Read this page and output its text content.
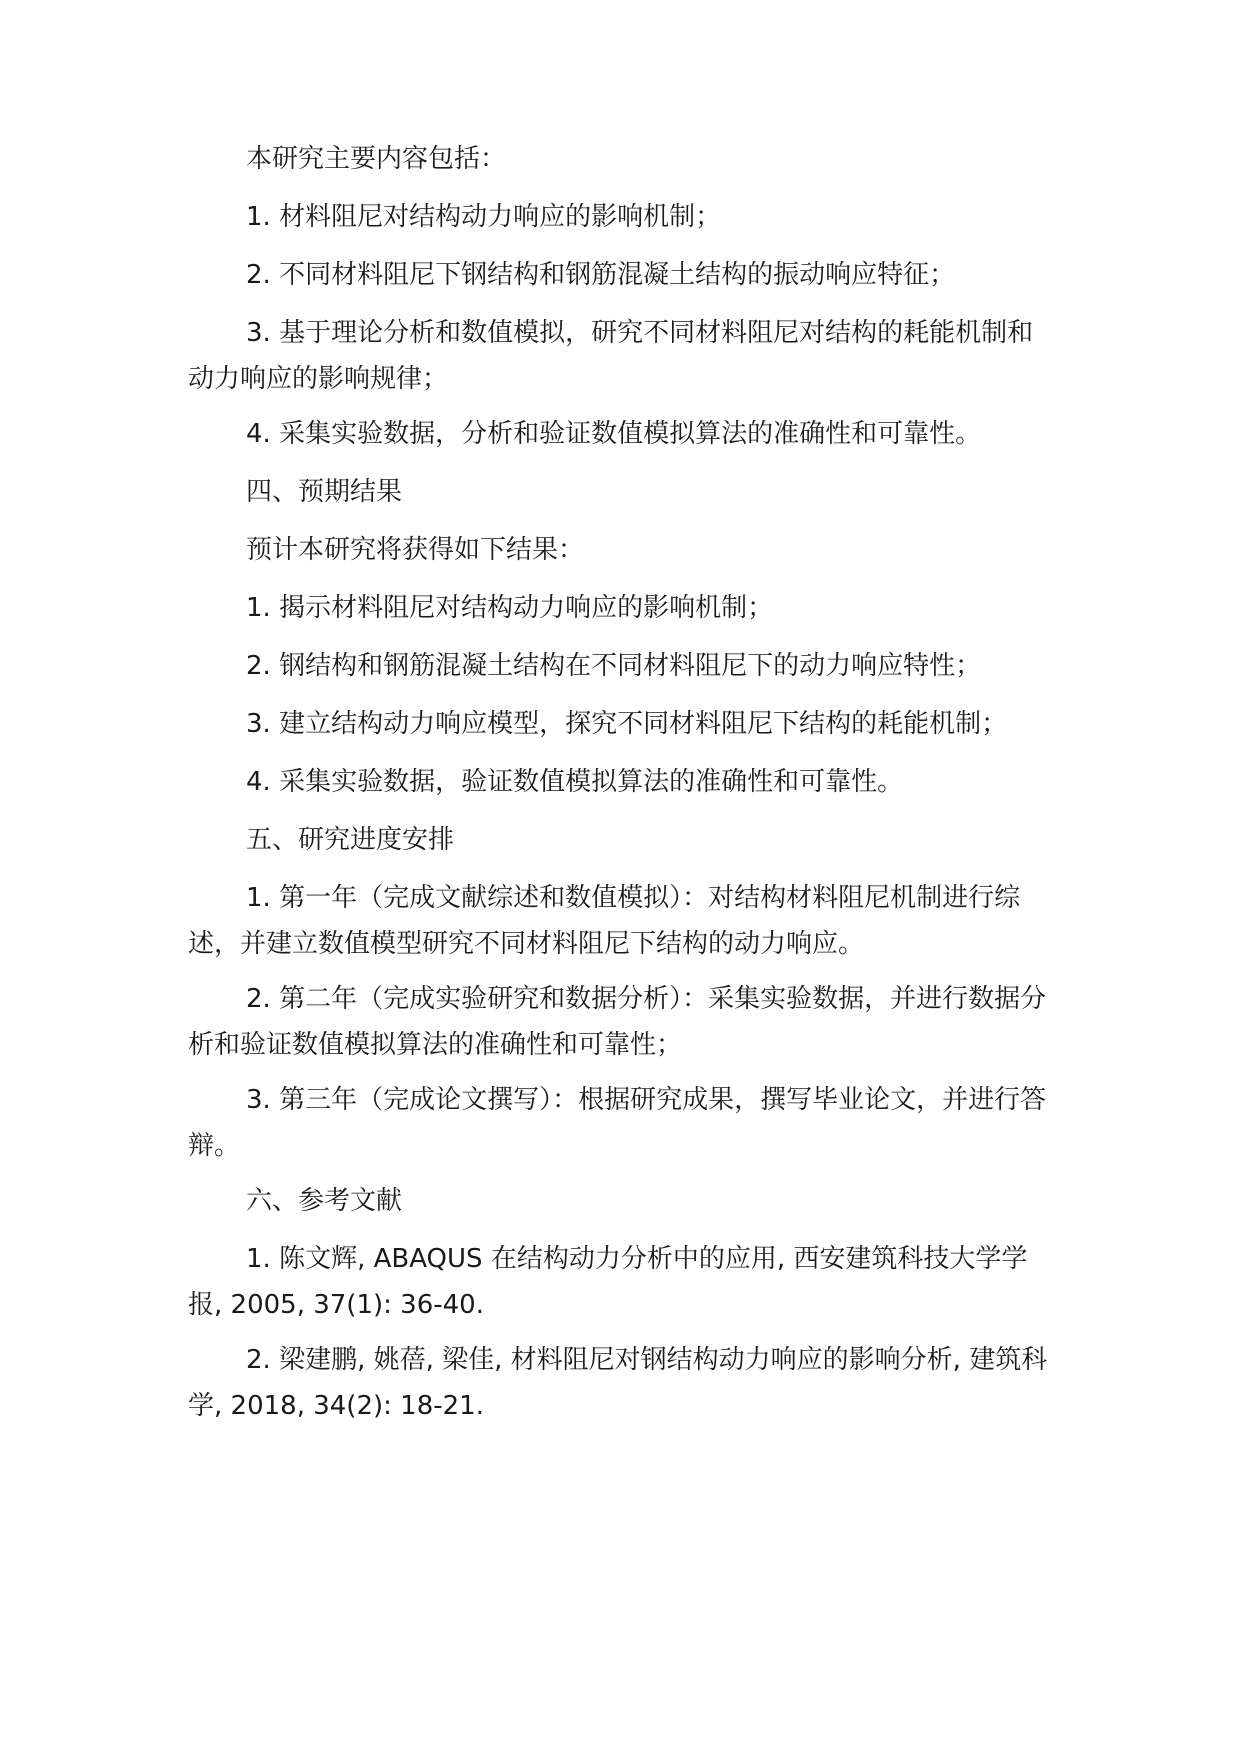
本研究主要内容包括：

1. 材料阻尼对结构动力响应的影响机制；

2. 不同材料阻尼下钢结构和钢筋混凝土结构的振动响应特征；

3. 基于理论分析和数值模拟，研究不同材料阻尼对结构的耗能机制和动力响应的影响规律；

4. 采集实验数据，分析和验证数值模拟算法的准确性和可靠性。

四、预期结果

预计本研究将获得如下结果：

1. 揭示材料阻尼对结构动力响应的影响机制；

2. 钢结构和钢筋混凝土结构在不同材料阻尼下的动力响应特性；

3. 建立结构动力响应模型，探究不同材料阻尼下结构的耗能机制；

4. 采集实验数据，验证数值模拟算法的准确性和可靠性。

五、研究进度安排

1. 第一年（完成文献综述和数值模拟）：对结构材料阻尼机制进行综述，并建立数值模型研究不同材料阻尼下结构的动力响应。

2. 第二年（完成实验研究和数据分析）：采集实验数据，并进行数据分析和验证数值模拟算法的准确性和可靠性；

3. 第三年（完成论文撰写）：根据研究成果，撰写毕业论文，并进行答辩。

六、参考文献

1. 陈文辉, ABAQUS 在结构动力分析中的应用, 西安建筑科技大学学报, 2005, 37(1): 36-40.

2. 梁建鹏, 姚蓓, 梁佳, 材料阻尼对钢结构动力响应的影响分析, 建筑科学, 2018, 34(2): 18-21.
